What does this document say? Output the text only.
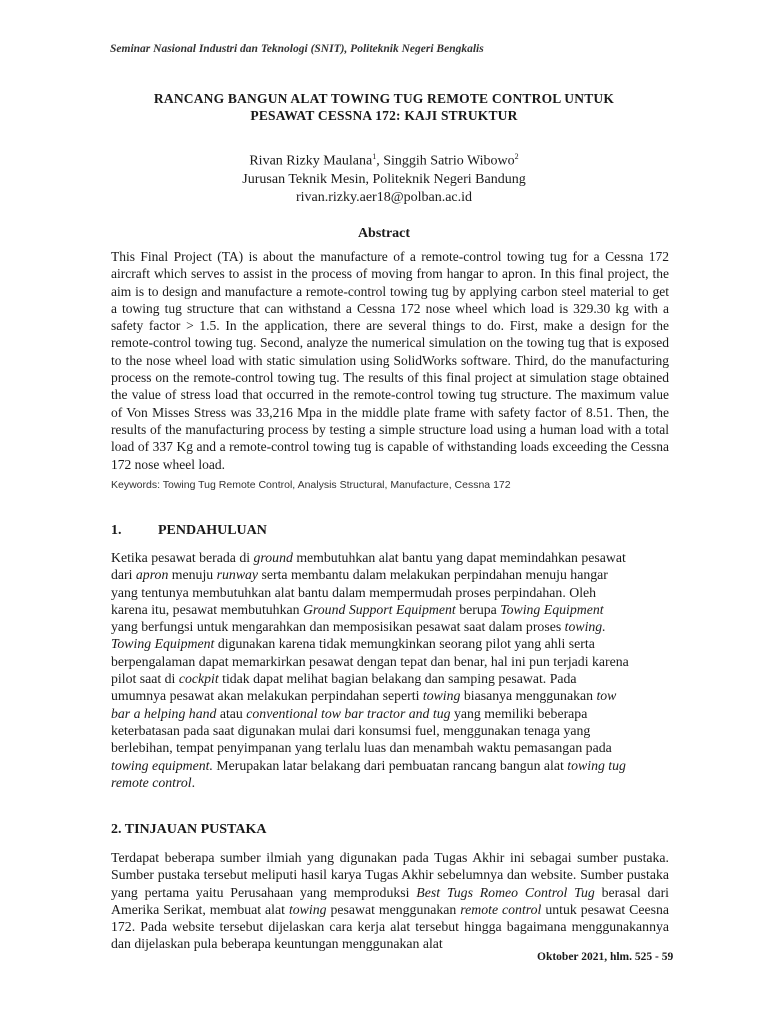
Seminar Nasional Industri dan Teknologi (SNIT), Politeknik Negeri Bengkalis
RANCANG BANGUN ALAT TOWING TUG REMOTE CONTROL UNTUK
PESAWAT CESSNA 172: KAJI STRUKTUR
Rivan Rizky Maulana$^1$, Singgih Satrio Wibowo$^2$
Jurusan Teknik Mesin, Politeknik Negeri Bandung
rivan.rizky.aer18@polban.ac.id
Abstract
This Final Project (TA) is about the manufacture of a remote-control towing tug for a Cessna 172 aircraft which serves to assist in the process of moving from hangar to apron. In this final project, the aim is to design and manufacture a remote-control towing tug by applying carbon steel material to get a towing tug structure that can withstand a Cessna 172 nose wheel which load is 329.30 kg with a safety factor > 1.5. In the application, there are several things to do. First, make a design for the remote-control towing tug. Second, analyze the numerical simulation on the towing tug that is exposed to the nose wheel load with static simulation using SolidWorks software. Third, do the manufacturing process on the remote-control towing tug. The results of this final project at simulation stage obtained the value of stress load that occurred in the remote-control towing tug structure. The maximum value of Von Misses Stress was 33,216 Mpa in the middle plate frame with safety factor of 8.51. Then, the results of the manufacturing process by testing a simple structure load using a human load with a total load of 337 Kg and a remote-control towing tug is capable of withstanding loads exceeding the Cessna 172 nose wheel load.
Keywords: Towing Tug Remote Control, Analysis Structural, Manufacture, Cessna 172
1.	PENDAHULUAN
Ketika pesawat berada di ground membutuhkan alat bantu yang dapat memindahkan pesawat
dari apron menuju runway serta membantu dalam melakukan perpindahan menuju hangar
yang tentunya membutuhkan alat bantu dalam mempermudah proses perpindahan. Oleh
karena itu, pesawat membutuhkan Ground Support Equipment berupa Towing Equipment
yang berfungsi untuk mengarahkan dan memposisikan pesawat saat dalam proses towing.
Towing Equipment digunakan karena tidak memungkinkan seorang pilot yang ahli serta
berpengalaman dapat memarkirkan pesawat dengan tepat dan benar, hal ini pun terjadi karena
pilot saat di cockpit tidak dapat melihat bagian belakang dan samping pesawat. Pada
umumnya pesawat akan melakukan perpindahan seperti towing biasanya menggunakan tow
bar a helping hand atau conventional tow bar tractor and tug yang memiliki beberapa
keterbatasan pada saat digunakan mulai dari konsumsi fuel, menggunakan tenaga yang
berlebihan, tempat penyimpanan yang terlalu luas dan menambah waktu pemasangan pada
towing equipment. Merupakan latar belakang dari pembuatan rancang bangun alat towing tug
remote control.
2. TINJAUAN PUSTAKA
Terdapat beberapa sumber ilmiah yang digunakan pada Tugas Akhir ini sebagai sumber pustaka. Sumber pustaka tersebut meliputi hasil karya Tugas Akhir sebelumnya dan website. Sumber pustaka yang pertama yaitu Perusahaan yang memproduksi Best Tugs Romeo Control Tug berasal dari Amerika Serikat, membuat alat towing pesawat menggunakan remote control untuk pesawat Ceesna 172. Pada website tersebut dijelaskan cara kerja alat tersebut hingga bagaimana menggunakannya dan dijelaskan pula beberapa keuntungan menggunakan alat
Oktober 2021, hlm. 525 - 59
